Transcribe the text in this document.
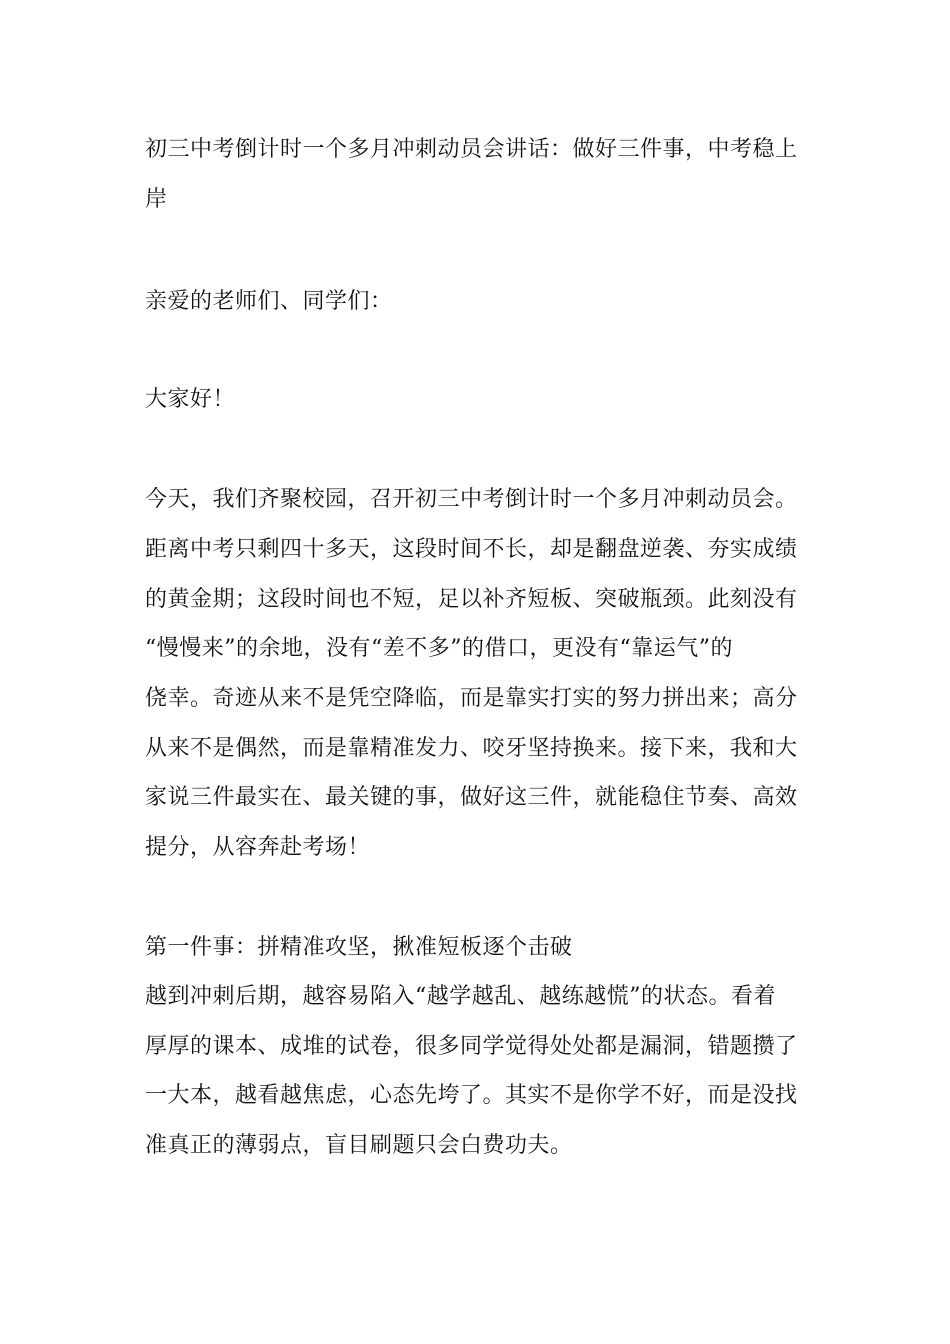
初三中考倒计时一个多月冲刺动员会讲话：做好三件事，中考稳上
岸
亲爱的老师们、同学们：
大家好！
今天，我们齐聚校园，召开初三中考倒计时一个多月冲刺动员会。
距离中考只剩四十多天，这段时间不长，却是翻盘逆袭、夯实成绩
的黄金期；这段时间也不短，足以补齐短板、突破瓶颈。此刻没有
“慢慢来”的余地，没有“差不多”的借口，更没有“靠运气”的
侥幸。奇迹从来不是凭空降临，而是靠实打实的努力拼出来；高分
从来不是偶然，而是靠精准发力、咬牙坚持换来。接下来，我和大
家说三件最实在、最关键的事，做好这三件，就能稳住节奏、高效
提分，从容奔赴考场！
第一件事：拼精准攻坚，揪准短板逐个击破
越到冲刺后期，越容易陷入“越学越乱、越练越慌”的状态。看着
厚厚的课本、成堆的试卷，很多同学觉得处处都是漏洞，错题攒了
一大本，越看越焦虑，心态先垮了。其实不是你学不好，而是没找
准真正的薄弱点，盲目刷题只会白费功夫。
